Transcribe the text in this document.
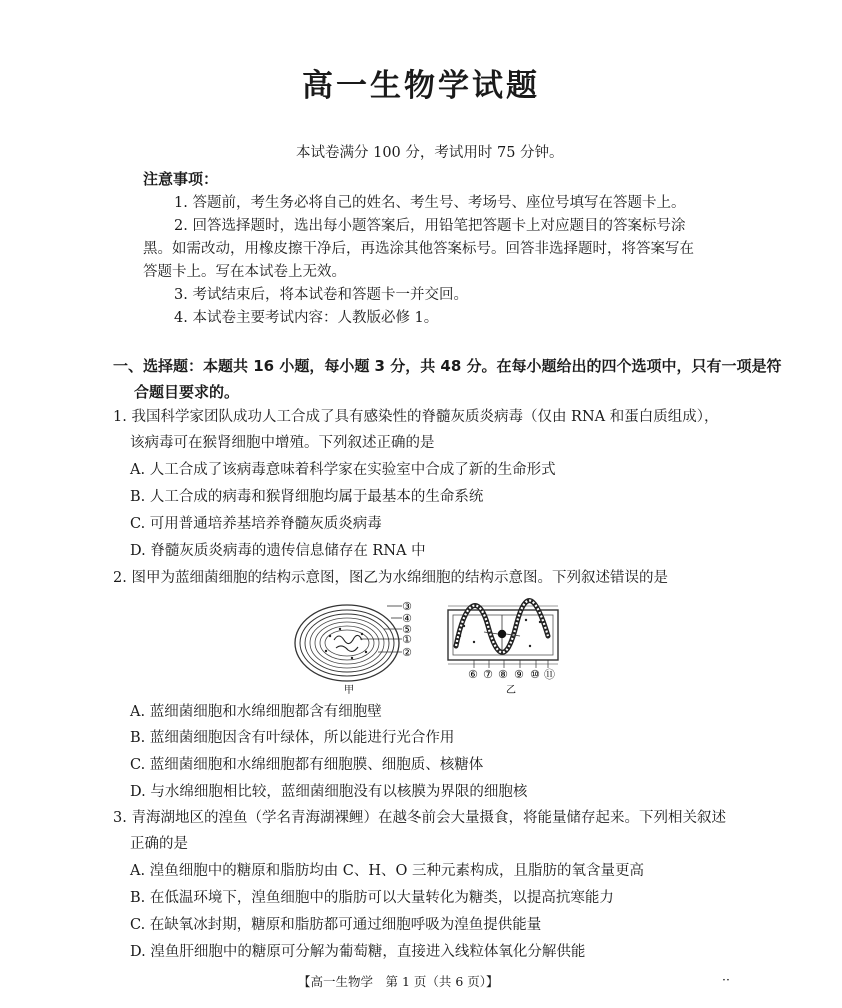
高一生物学试题
本试卷满分 100 分，考试用时 75 分钟。
注意事项：
1. 答题前，考生务必将自己的姓名、考生号、考场号、座位号填写在答题卡上。
2. 回答选择题时，选出每小题答案后，用铅笔把答题卡上对应题目的答案标号涂
黑。如需改动，用橡皮擦干净后，再选涂其他答案标号。回答非选择题时，将答案写在
答题卡上。写在本试卷上无效。
3. 考试结束后，将本试卷和答题卡一并交回。
4. 本试卷主要考试内容：人教版必修 1。
一、选择题：本题共 16 小题，每小题 3 分，共 48 分。在每小题给出的四个选项中，只有一项是符
合题目要求的。
1. 我国科学家团队成功人工合成了具有感染性的脊髓灰质炎病毒（仅由 RNA 和蛋白质组成），
该病毒可在猴肾细胞中增殖。下列叙述正确的是
A. 人工合成了该病毒意味着科学家在实验室中合成了新的生命形式
B. 人工合成的病毒和猴肾细胞均属于最基本的生命系统
C. 可用普通培养基培养脊髓灰质炎病毒
D. 脊髓灰质炎病毒的遗传信息储存在 RNA 中
2. 图甲为蓝细菌细胞的结构示意图，图乙为水绵细胞的结构示意图。下列叙述错误的是
③
④
⑤
①
②
甲
⑥ ⑦ ⑧ ⑨ ⑩ ⑪
乙
A. 蓝细菌细胞和水绵细胞都含有细胞壁
B. 蓝细菌细胞因含有叶绿体，所以能进行光合作用
C. 蓝细菌细胞和水绵细胞都有细胞膜、细胞质、核糖体
D. 与水绵细胞相比较，蓝细菌细胞没有以核膜为界限的细胞核
3. 青海湖地区的湟鱼（学名青海湖裸鲤）在越冬前会大量摄食，将能量储存起来。下列相关叙述
正确的是
A. 湟鱼细胞中的糖原和脂肪均由 C、H、O 三种元素构成，且脂肪的氧含量更高
B. 在低温环境下，湟鱼细胞中的脂肪可以大量转化为糖类，以提高抗寒能力
C. 在缺氧冰封期，糖原和脂肪都可通过细胞呼吸为湟鱼提供能量
D. 湟鱼肝细胞中的糖原可分解为葡萄糖，直接进入线粒体氧化分解供能
【高一生物学　第 1 页（共 6 页）】	··
